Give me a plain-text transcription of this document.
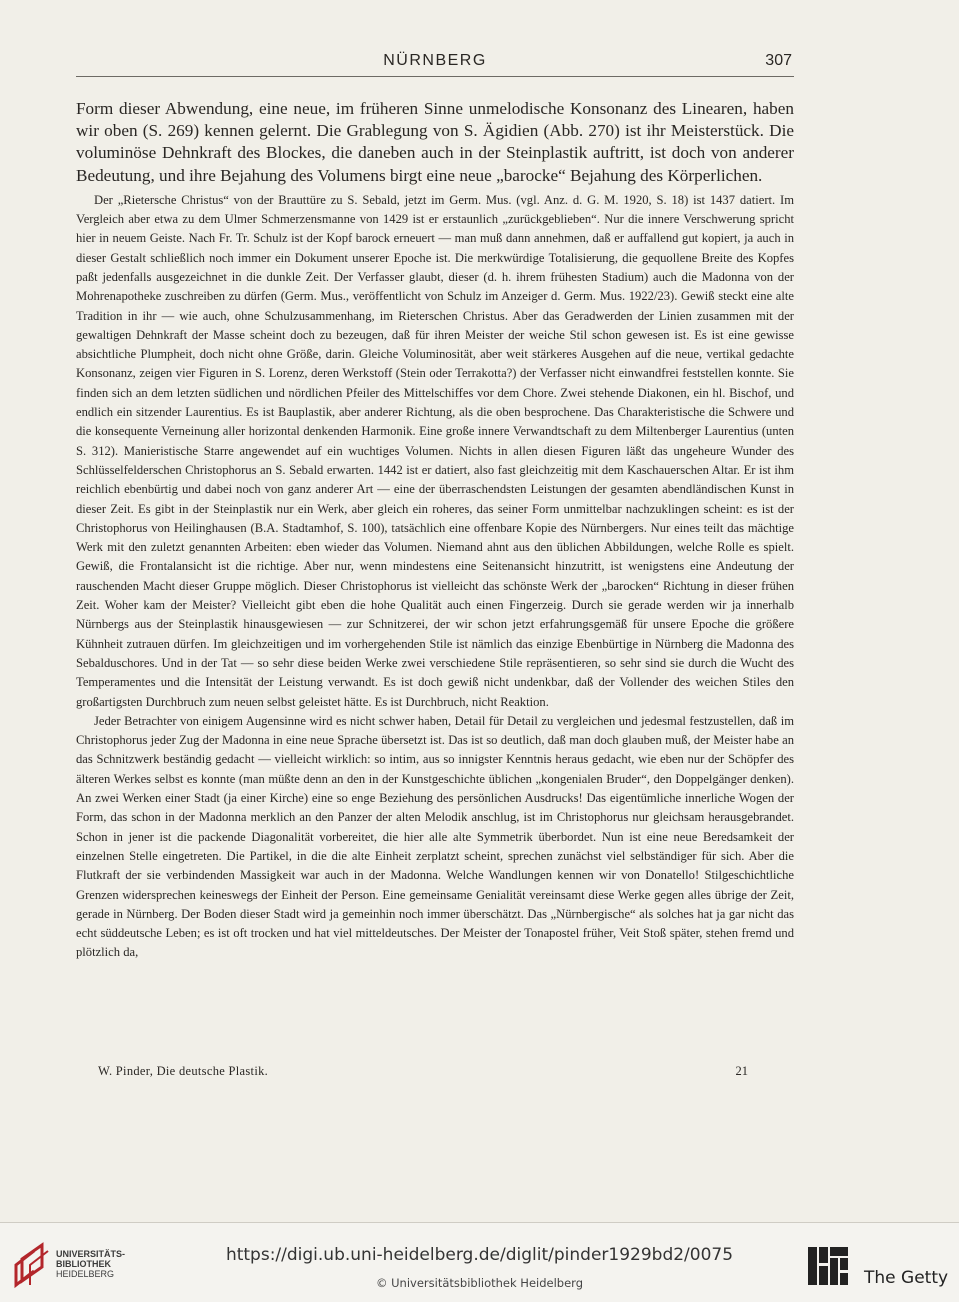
NÜRNBERG	307

Form dieser Abwendung, eine neue, im früheren Sinne unmelodische Konsonanz des Linearen, haben wir oben (S. 269) kennen gelernt. Die Grablegung von S. Ägidien (Abb. 270) ist ihr Meisterstück. Die voluminöse Dehnkraft des Blockes, die daneben auch in der Steinplastik auftritt, ist doch von anderer Bedeutung, und ihre Bejahung des Volumens birgt eine neue „barocke“ Bejahung des Körperlichen.

Der „Rietersche Christus“ von der Brauttüre zu S. Sebald, jetzt im Germ. Mus. (vgl. Anz. d. G. M. 1920, S. 18) ist 1437 datiert. Im Vergleich aber etwa zu dem Ulmer Schmerzensmanne von 1429 ist er erstaunlich „zurückgeblieben“. Nur die innere Verschwerung spricht hier in neuem Geiste. Nach Fr. Tr. Schulz ist der Kopf barock erneuert — man muß dann annehmen, daß er auffallend gut kopiert, ja auch in dieser Gestalt schließlich noch immer ein Dokument unserer Epoche ist. Die merkwürdige Totalisierung, die gequollene Breite des Kopfes paßt jedenfalls ausgezeichnet in die dunkle Zeit. Der Verfasser glaubt, dieser (d. h. ihrem frühesten Stadium) auch die Madonna von der Mohrenapotheke zuschreiben zu dürfen (Germ. Mus., veröffentlicht von Schulz im Anzeiger d. Germ. Mus. 1922/23). Gewiß steckt eine alte Tradition in ihr — wie auch, ohne Schulzusammenhang, im Rieterschen Christus. Aber das Geradwerden der Linien zusammen mit der gewaltigen Dehnkraft der Masse scheint doch zu bezeugen, daß für ihren Meister der weiche Stil schon gewesen ist. Es ist eine gewisse absichtliche Plumpheit, doch nicht ohne Größe, darin. Gleiche Voluminosität, aber weit stärkeres Ausgehen auf die neue, vertikal gedachte Konsonanz, zeigen vier Figuren in S. Lorenz, deren Werkstoff (Stein oder Terrakotta?) der Verfasser nicht einwandfrei feststellen konnte. Sie finden sich an dem letzten südlichen und nördlichen Pfeiler des Mittelschiffes vor dem Chore. Zwei stehende Diakonen, ein hl. Bischof, und endlich ein sitzender Laurentius. Es ist Bauplastik, aber anderer Richtung, als die oben besprochene. Das Charakteristische die Schwere und die konsequente Verneinung aller horizontal denkenden Harmonik. Eine große innere Verwandtschaft zu dem Miltenberger Laurentius (unten S. 312). Manieristische Starre angewendet auf ein wuchtiges Volumen. Nichts in allen diesen Figuren läßt das ungeheure Wunder des Schlüsselfelderschen Christophorus an S. Sebald erwarten. 1442 ist er datiert, also fast gleichzeitig mit dem Kaschauerschen Altar. Er ist ihm reichlich ebenbürtig und dabei noch von ganz anderer Art — eine der überraschendsten Leistungen der gesamten abendländischen Kunst in dieser Zeit. Es gibt in der Steinplastik nur ein Werk, aber gleich ein roheres, das seiner Form unmittelbar nachzuklingen scheint: es ist der Christophorus von Heilinghausen (B.A. Stadtamhof, S. 100), tatsächlich eine offenbare Kopie des Nürnbergers. Nur eines teilt das mächtige Werk mit den zuletzt genannten Arbeiten: eben wieder das Volumen. Niemand ahnt aus den üblichen Abbildungen, welche Rolle es spielt. Gewiß, die Frontalansicht ist die richtige. Aber nur, wenn mindestens eine Seitenansicht hinzutritt, ist wenigstens eine Andeutung der rauschenden Macht dieser Gruppe möglich. Dieser Christophorus ist vielleicht das schönste Werk der „barocken“ Richtung in dieser frühen Zeit. Woher kam der Meister? Vielleicht gibt eben die hohe Qualität auch einen Fingerzeig. Durch sie gerade werden wir ja innerhalb Nürnbergs aus der Steinplastik hinausgewiesen — zur Schnitzerei, der wir schon jetzt erfahrungsgemäß für unsere Epoche die größere Kühnheit zutrauen dürfen. Im gleichzeitigen und im vorhergehenden Stile ist nämlich das einzige Ebenbürtige in Nürnberg die Madonna des Sebalduschores. Und in der Tat — so sehr diese beiden Werke zwei verschiedene Stile repräsentieren, so sehr sind sie durch die Wucht des Temperamentes und die Intensität der Leistung verwandt. Es ist doch gewiß nicht undenkbar, daß der Vollender des weichen Stiles den großartigsten Durchbruch zum neuen selbst geleistet hätte. Es ist Durchbruch, nicht Reaktion.

Jeder Betrachter von einigem Augensinne wird es nicht schwer haben, Detail für Detail zu vergleichen und jedesmal festzustellen, daß im Christophorus jeder Zug der Madonna in eine neue Sprache übersetzt ist. Das ist so deutlich, daß man doch glauben muß, der Meister habe an das Schnitzwerk beständig gedacht — vielleicht wirklich: so intim, aus so innigster Kenntnis heraus gedacht, wie eben nur der Schöpfer des älteren Werkes selbst es konnte (man müßte denn an den in der Kunstgeschichte üblichen „kongenialen Bruder“, den Doppelgänger denken). An zwei Werken einer Stadt (ja einer Kirche) eine so enge Beziehung des persönlichen Ausdrucks! Das eigentümliche innerliche Wogen der Form, das schon in der Madonna merklich an den Panzer der alten Melodik anschlug, ist im Christophorus nur gleichsam herausgebrandet. Schon in jener ist die packende Diagonalität vorbereitet, die hier alle alte Symmetrik überbordet. Nun ist eine neue Beredsamkeit der einzelnen Stelle eingetreten. Die Partikel, in die die alte Einheit zerplatzt scheint, sprechen zunächst viel selbständiger für sich. Aber die Flutkraft der sie verbindenden Massigkeit war auch in der Madonna. Welche Wandlungen kennen wir von Donatello! Stilgeschichtliche Grenzen widersprechen keineswegs der Einheit der Person. Eine gemeinsame Genialität vereinsamt diese Werke gegen alles übrige der Zeit, gerade in Nürnberg. Der Boden dieser Stadt wird ja gemeinhin noch immer überschätzt. Das „Nürnbergische“ als solches hat ja gar nicht das echt süddeutsche Leben; es ist oft trocken und hat viel mitteldeutsches. Der Meister der Tonapostel früher, Veit Stoß später, stehen fremd und plötzlich da,

W. Pinder, Die deutsche Plastik.	21
UNIVERSITÄTS-
BIBLIOTHEK
HEIDELBERG
https://digi.ub.uni-heidelberg.de/diglit/pinder1929bd2/0075
© Universitätsbibliothek Heidelberg	The Getty
